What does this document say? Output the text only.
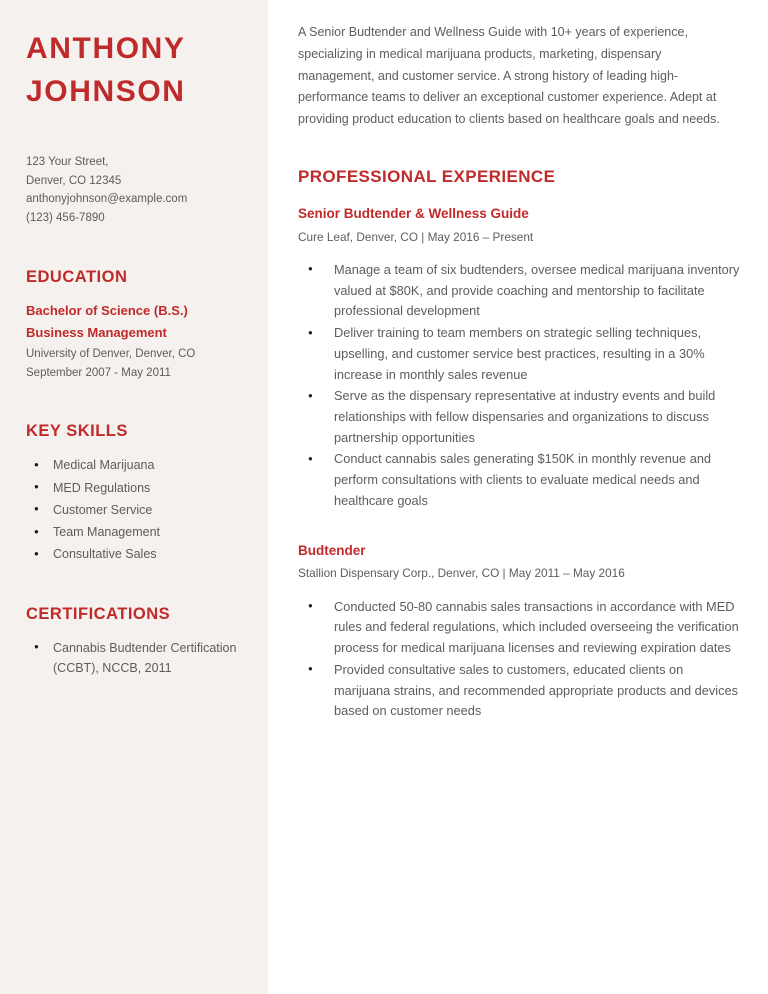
ANTHONY
JOHNSON
123 Your Street,
Denver, CO 12345
anthonyjohnson@example.com
(123) 456-7890
EDUCATION
Bachelor of Science (B.S.)
Business Management
University of Denver, Denver, CO
September 2007 - May 2011
KEY SKILLS
● Medical Marijuana
● MED Regulations
● Customer Service
● Team Management
● Consultative Sales
CERTIFICATIONS
● Cannabis Budtender Certification (CCBT), NCCB, 2011

A Senior Budtender and Wellness Guide with 10+ years of experience, specializing in medical marijuana products, marketing, dispensary management, and customer service. A strong history of leading high-performance teams to deliver an exceptional customer experience. Adept at providing product education to clients based on healthcare goals and needs.

PROFESSIONAL EXPERIENCE
Senior Budtender & Wellness Guide
Cure Leaf, Denver, CO | May 2016 – Present
● Manage a team of six budtenders, oversee medical marijuana inventory valued at $80K, and provide coaching and mentorship to facilitate professional development
● Deliver training to team members on strategic selling techniques, upselling, and customer service best practices, resulting in a 30% increase in monthly sales revenue
● Serve as the dispensary representative at industry events and build relationships with fellow dispensaries and organizations to discuss partnership opportunities
● Conduct cannabis sales generating $150K in monthly revenue and perform consultations with clients to evaluate medical needs and healthcare goals
Budtender
Stallion Dispensary Corp., Denver, CO | May 2011 – May 2016
● Conducted 50-80 cannabis sales transactions in accordance with MED rules and federal regulations, which included overseeing the verification process for medical marijuana licenses and reviewing expiration dates
● Provided consultative sales to customers, educated clients on marijuana strains, and recommended appropriate products and devices based on customer needs
